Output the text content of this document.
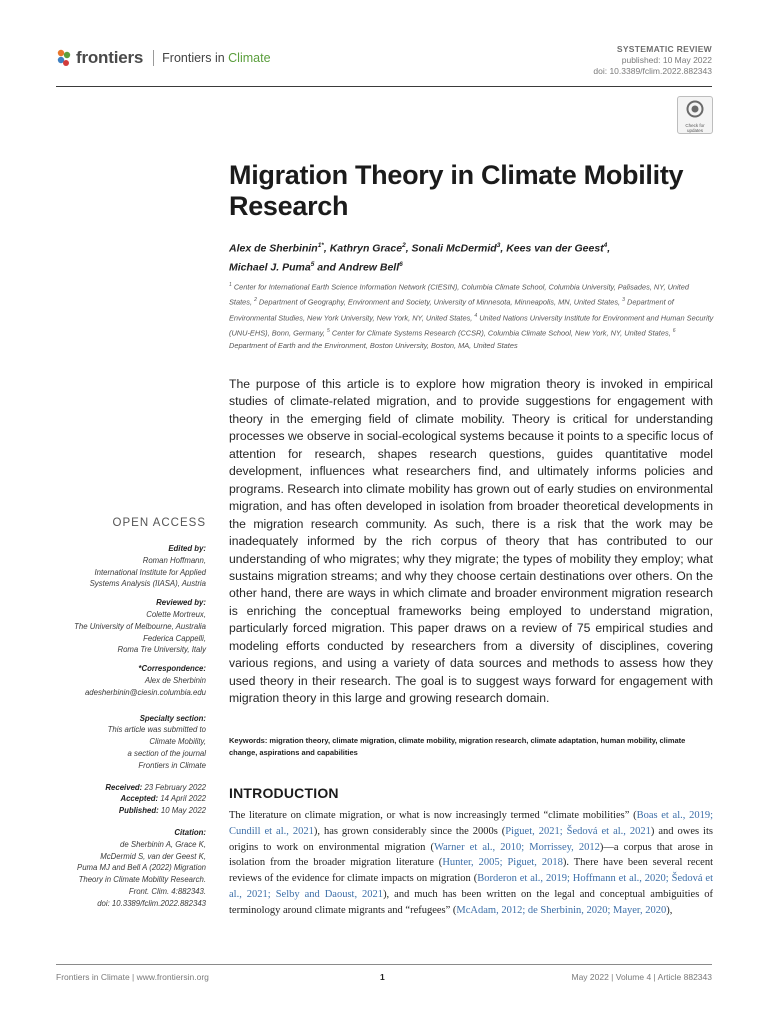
frontiers Frontiers in Climate
SYSTEMATIC REVIEW
published: 10 May 2022
doi: 10.3389/fclim.2022.882343
Check for
updates
Migration Theory in Climate Mobility Research
Alex de Sherbinin$^{1*}$, Kathryn Grace$^2$, Sonali McDermid$^3$, Kees van der Geest$^4$,
Michael J. Puma$^5$ and Andrew Bell$^6$
$^1$ Center for International Earth Science Information Network (CIESIN), Columbia Climate School, Columbia University, Palisades, NY, United States, $^2$ Department of Geography, Environment and Society, University of Minnesota, Minneapolis, MN, United States, $^3$ Department of Environmental Studies, New York University, New York, NY, United States, $^4$ United Nations University Institute for Environment and Human Security (UNU-EHS), Bonn, Germany, $^5$ Center for Climate Systems Research (CCSR), Columbia Climate School, New York, NY, United States, $^6$ Department of Earth and the Environment, Boston University, Boston, MA, United States
The purpose of this article is to explore how migration theory is invoked in empirical studies of climate-related migration, and to provide suggestions for engagement with theory in the emerging field of climate mobility. Theory is critical for understanding processes we observe in social-ecological systems because it points to a specific locus of attention for research, shapes research questions, guides quantitative model development, influences what researchers find, and ultimately informs policies and programs. Research into climate mobility has grown out of early studies on environmental migration, and has often developed in isolation from broader theoretical developments in the migration research community. As such, there is a risk that the work may be inadequately informed by the rich corpus of theory that has contributed to our understanding of who migrates; why they migrate; the types of mobility they employ; what sustains migration streams; and why they choose certain destinations over others. On the other hand, there are ways in which climate and broader environment migration research is enriching the conceptual frameworks being employed to understand migration, particularly forced migration. This paper draws on a review of 75 empirical studies and modeling efforts conducted by researchers from a diversity of disciplines, covering various regions, and using a variety of data sources and methods to assess how they used theory in their research. The goal is to suggest ways forward for engagement with migration theory in this large and growing research domain.
Keywords: migration theory, climate migration, climate mobility, migration research, climate adaptation, human mobility, climate change, aspirations and capabilities
INTRODUCTION
The literature on climate migration, or what is now increasingly termed “climate mobilities” (Boas et al., 2019; Cundill et al., 2021), has grown considerably since the 2000s (Piguet, 2021; Šedová et al., 2021) and owes its origins to work on environmental migration (Warner et al., 2010; Morrissey, 2012)—a corpus that arose in isolation from the broader migration literature (Hunter, 2005; Piguet, 2018). There have been several recent reviews of the evidence for climate impacts on migration (Borderon et al., 2019; Hoffmann et al., 2020; Šedová et al., 2021; Selby and Daoust, 2021), and much has been written on the legal and conceptual ambiguities of terminology around climate migrants and “refugees” (McAdam, 2012; de Sherbinin, 2020; Mayer, 2020),
OPEN ACCESS
Edited by:
Roman Hoffmann,
International Institute for Applied
Systems Analysis (IIASA), Austria
Reviewed by:
Colette Mortreux,
The University of Melbourne, Australia
Federica Cappelli,
Roma Tre University, Italy
*Correspondence:
Alex de Sherbinin
adesherbinin@ciesin.columbia.edu
Specialty section:
This article was submitted to
Climate Mobility,
a section of the journal
Frontiers in Climate
Received: 23 February 2022
Accepted: 14 April 2022
Published: 10 May 2022
Citation:
de Sherbinin A, Grace K,
McDermid S, van der Geest K,
Puma MJ and Bell A (2022) Migration
Theory in Climate Mobility Research.
Front. Clim. 4:882343.
doi: 10.3389/fclim.2022.882343
Frontiers in Climate | www.frontiersin.org	1	May 2022 | Volume 4 | Article 882343
